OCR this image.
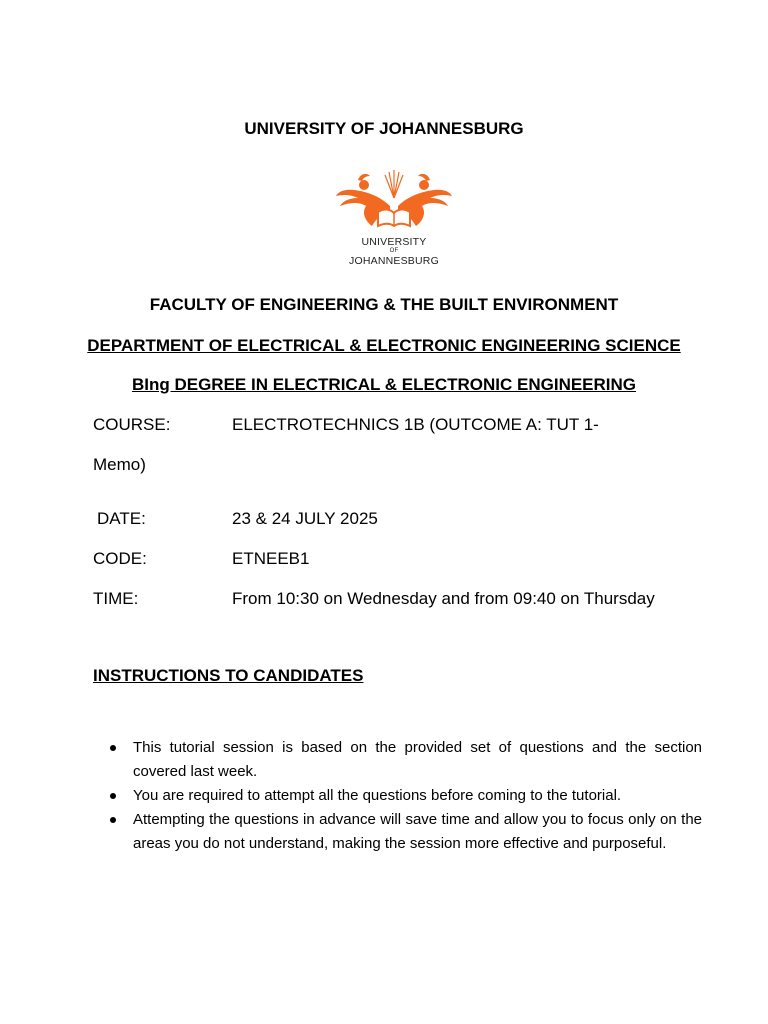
UNIVERSITY OF JOHANNESBURG
UNIVERSITY
OF
JOHANNESBURG
FACULTY OF ENGINEERING & THE BUILT ENVIRONMENT
DEPARTMENT OF ELECTRICAL & ELECTRONIC ENGINEERING SCIENCE
BIng DEGREE IN ELECTRICAL & ELECTRONIC ENGINEERING
COURSE:	ELECTROTECHNICS 1B (OUTCOME A: TUT 1-
Memo)
DATE:	23 & 24 JULY 2025
CODE:	ETNEEB1
TIME:	From 10:30 on Wednesday and from 09:40 on Thursday
INSTRUCTIONS TO CANDIDATES
This tutorial session is based on the provided set of questions and the section covered last week.
You are required to attempt all the questions before coming to the tutorial.
Attempting the questions in advance will save time and allow you to focus only on the areas you do not understand, making the session more effective and purposeful.
